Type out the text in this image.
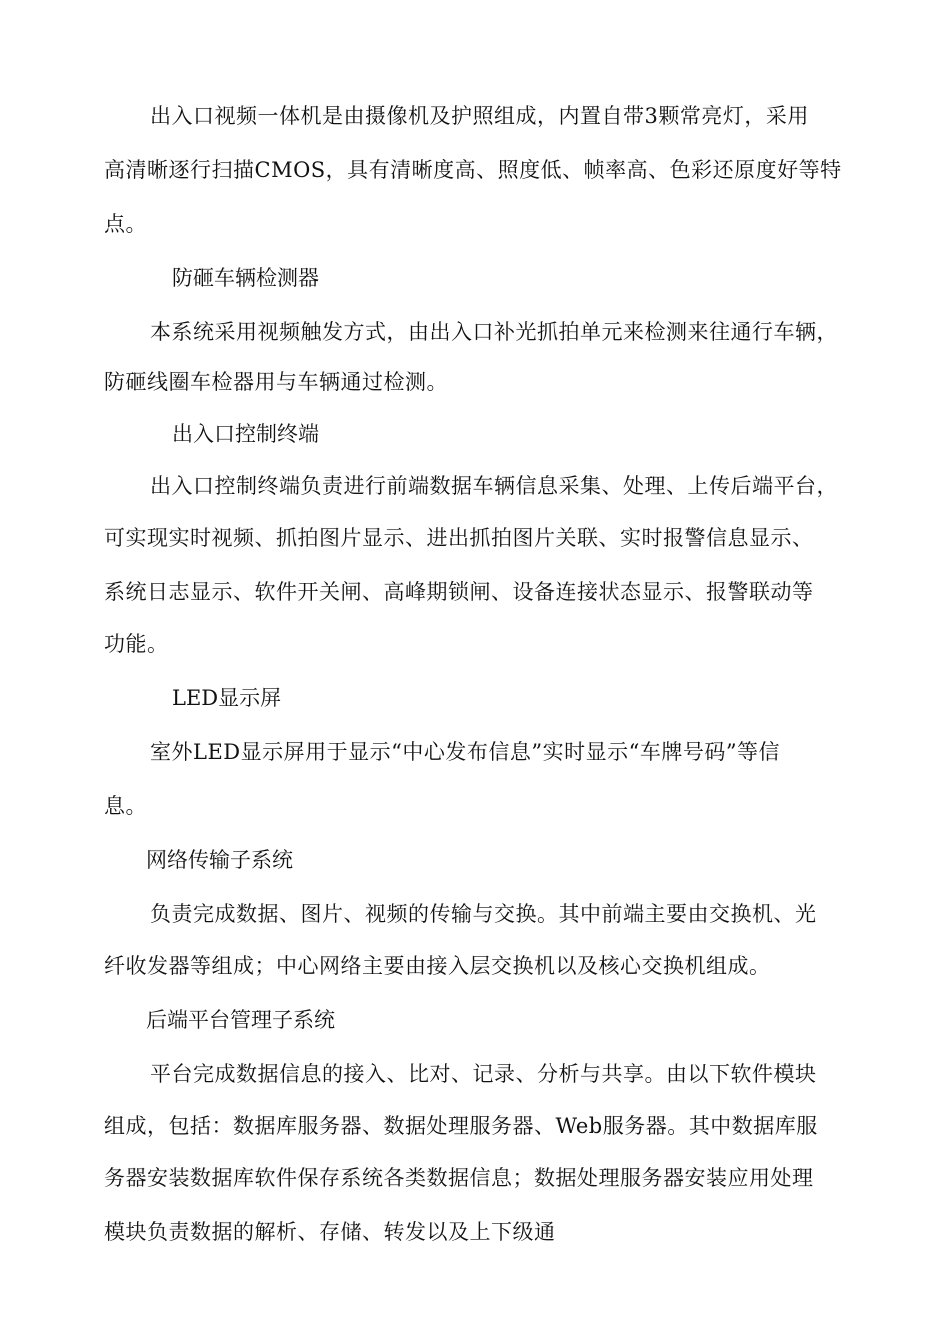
出入口视频一体机是由摄像机及护照组成，内置自带3颗常亮灯，采用
高清晰逐行扫描CMOS，具有清晰度高、照度低、帧率高、色彩还原度好等特
点。
防砸车辆检测器
本系统采用视频触发方式，由出入口补光抓拍单元来检测来往通行车辆，
防砸线圈车检器用与车辆通过检测。
出入口控制终端
出入口控制终端负责进行前端数据车辆信息采集、处理、上传后端平台，
可实现实时视频、抓拍图片显示、进出抓拍图片关联、实时报警信息显示、
系统日志显示、软件开关闸、高峰期锁闸、设备连接状态显示、报警联动等
功能。
LED显示屏
室外LED显示屏用于显示“中心发布信息”实时显示“车牌号码”等信
息。
网络传输子系统
负责完成数据、图片、视频的传输与交换。其中前端主要由交换机、光
纤收发器等组成；中心网络主要由接入层交换机以及核心交换机组成。
后端平台管理子系统
平台完成数据信息的接入、比对、记录、分析与共享。由以下软件模块
组成，包括：数据库服务器、数据处理服务器、Web服务器。其中数据库服
务器安装数据库软件保存系统各类数据信息；数据处理服务器安装应用处理
模块负责数据的解析、存储、转发以及上下级通
